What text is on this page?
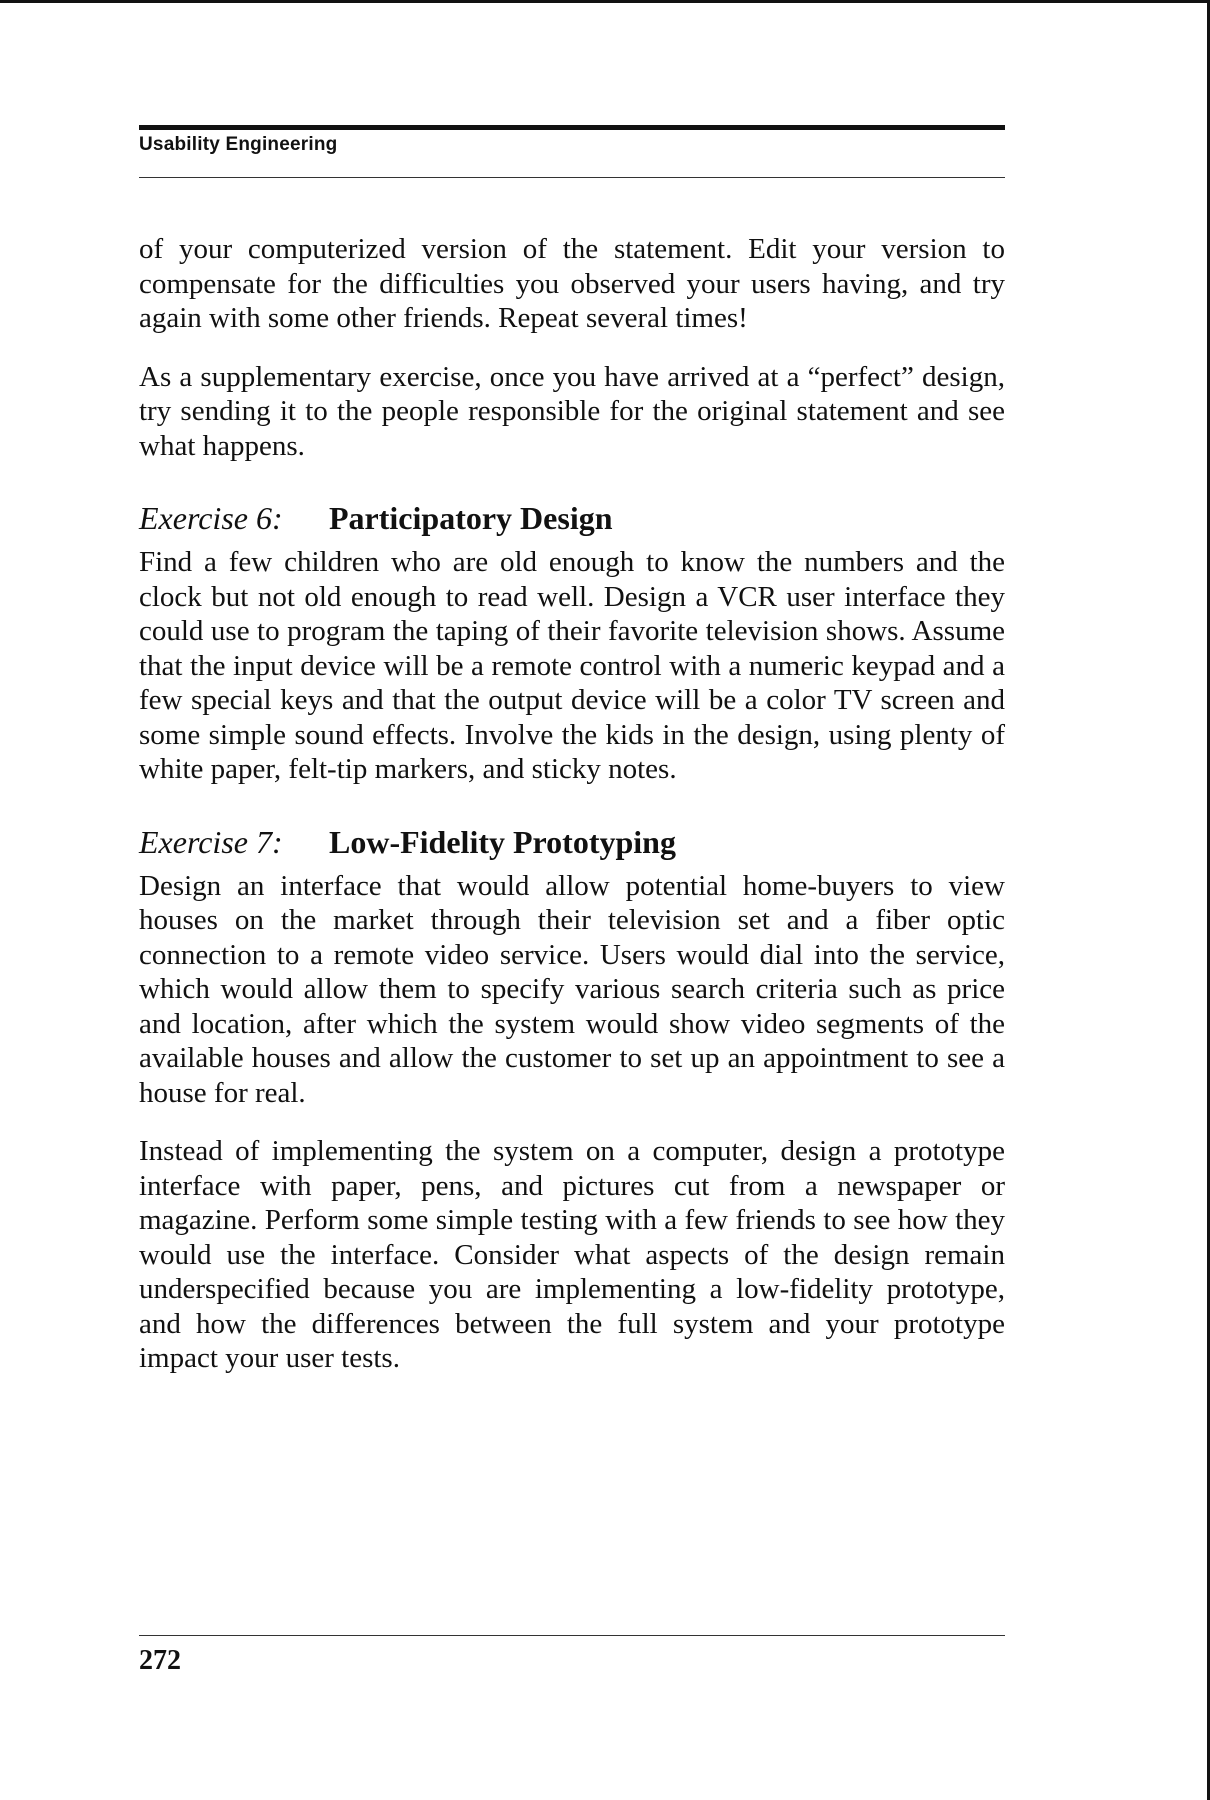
Usability Engineering

of your computerized version of the statement. Edit your version to compensate for the difficulties you observed your users having, and try again with some other friends. Repeat several times!

As a supplementary exercise, once you have arrived at a “perfect” design, try sending it to the people responsible for the original statement and see what happens.

Exercise 6: Participatory Design

Find a few children who are old enough to know the numbers and the clock but not old enough to read well. Design a VCR user interface they could use to program the taping of their favorite television shows. Assume that the input device will be a remote control with a numeric keypad and a few special keys and that the output device will be a color TV screen and some simple sound effects. Involve the kids in the design, using plenty of white paper, felt-tip markers, and sticky notes.

Exercise 7: Low-Fidelity Prototyping

Design an interface that would allow potential home-buyers to view houses on the market through their television set and a fiber optic connection to a remote video service. Users would dial into the service, which would allow them to specify various search criteria such as price and location, after which the system would show video segments of the available houses and allow the customer to set up an appointment to see a house for real.

Instead of implementing the system on a computer, design a prototype interface with paper, pens, and pictures cut from a newspaper or magazine. Perform some simple testing with a few friends to see how they would use the interface. Consider what aspects of the design remain underspecified because you are implementing a low-fidelity prototype, and how the differences between the full system and your prototype impact your user tests.

272
